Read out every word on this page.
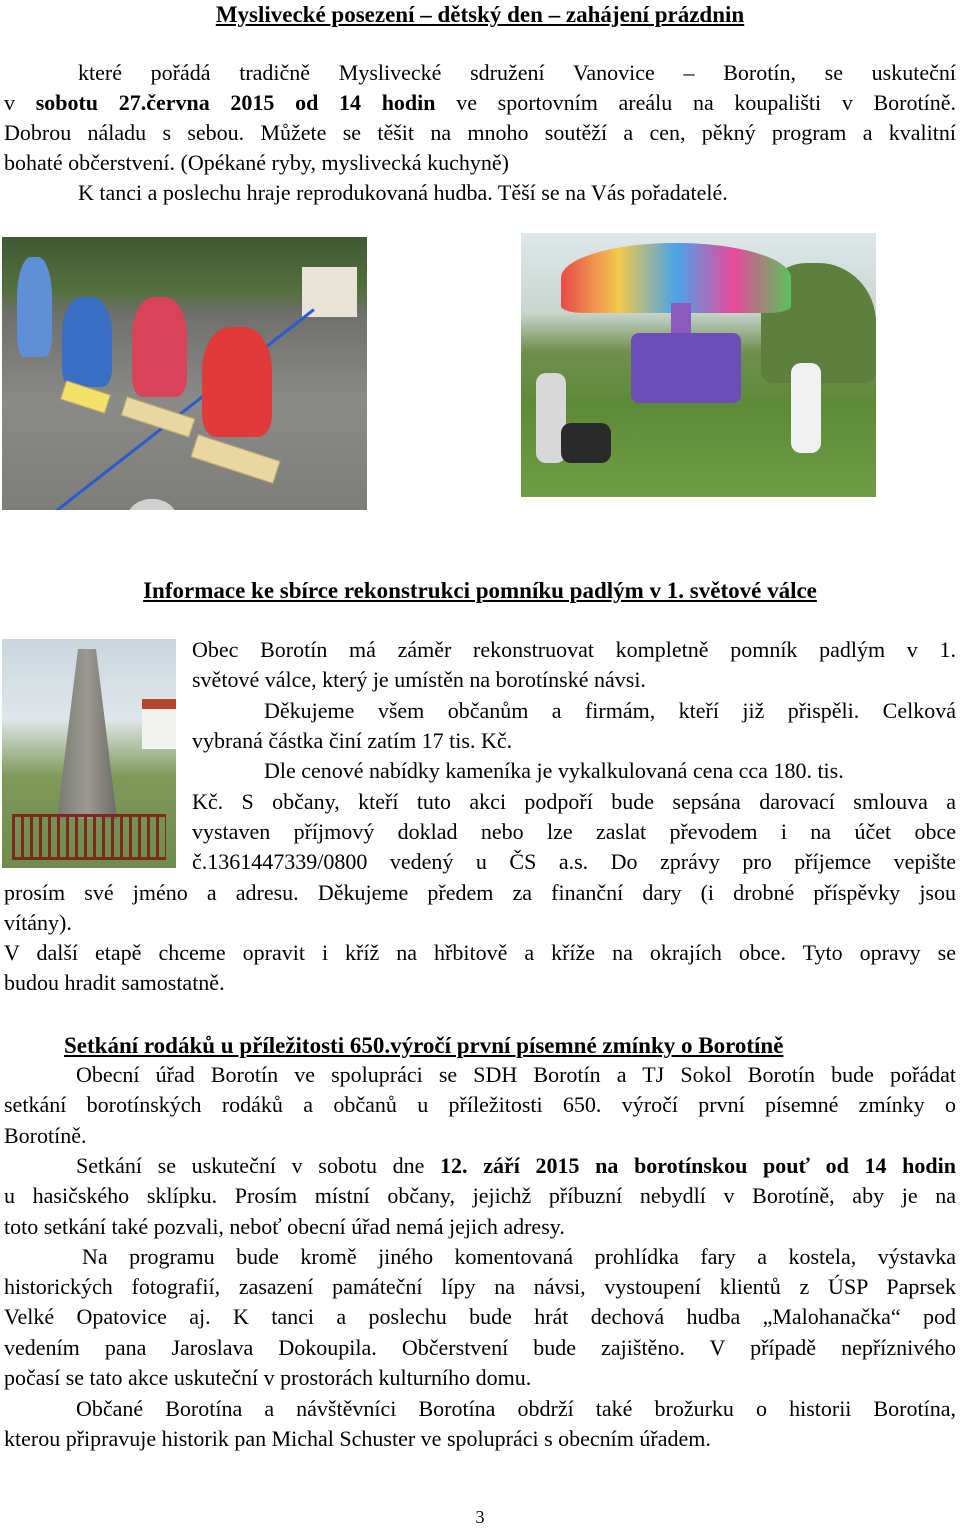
Myslivecké posezení – dětský den – zahájení prázdnin
které pořádá tradičně Myslivecké sdružení Vanovice – Borotín, se uskuteční
v sobotu 27.června 2015 od 14 hodin ve sportovním areálu na koupališti v Borotíně.
Dobrou náladu s sebou. Můžete se těšit na mnoho soutěží a cen, pěkný program a kvalitní
bohaté občerstvení. (Opékané ryby, myslivecká kuchyně)
K tanci a poslechu hraje reprodukovaná hudba. Těší se na Vás pořadatelé.
Informace ke sbírce rekonstrukci pomníku padlým v 1. světové válce
Obec Borotín má záměr rekonstruovat kompletně pomník padlým v 1.
světové válce, který je umístěn na borotínské návsi.
Děkujeme všem občanům a firmám, kteří již přispěli. Celková
vybraná částka činí zatím 17 tis. Kč.
Dle cenové nabídky kameníka je vykalkulovaná cena cca 180. tis.
Kč. S občany, kteří tuto akci podpoří bude sepsána darovací smlouva a
vystaven příjmový doklad nebo lze zaslat převodem i na účet obce
č.1361447339/0800 vedený u ČS a.s. Do zprávy pro příjemce vepište
prosím své jméno a adresu. Děkujeme předem za finanční dary (i drobné příspěvky jsou
vítány).
V další etapě chceme opravit i kříž na hřbitově a kříže na okrajích obce. Tyto opravy se
budou hradit samostatně.
Setkání rodáků u příležitosti 650.výročí první písemné zmínky o Borotíně
Obecní úřad Borotín ve spolupráci se SDH Borotín a TJ Sokol Borotín bude pořádat
setkání borotínských rodáků a občanů u příležitosti 650. výročí první písemné zmínky o
Borotíně.
Setkání se uskuteční v sobotu dne 12. září 2015 na borotínskou pouť od 14 hodin
u hasičského sklípku. Prosím místní občany, jejichž příbuzní nebydlí v Borotíně, aby je na
toto setkání také pozvali, neboť obecní úřad nemá jejich adresy.
Na programu bude kromě jiného komentovaná prohlídka fary a kostela, výstavka
historických fotografií, zasazení památeční lípy na návsi, vystoupení klientů z ÚSP Paprsek
Velké Opatovice aj. K tanci a poslechu bude hrát dechová hudba „Malohanačka“ pod
vedením pana Jaroslava Dokoupila. Občerstvení bude zajištěno. V případě nepříznivého
počasí se tato akce uskuteční v prostorách kulturního domu.
Občané Borotína a návštěvníci Borotína obdrží také brožurku o historii Borotína,
kterou připravuje historik pan Michal Schuster ve spolupráci s obecním úřadem.
3
